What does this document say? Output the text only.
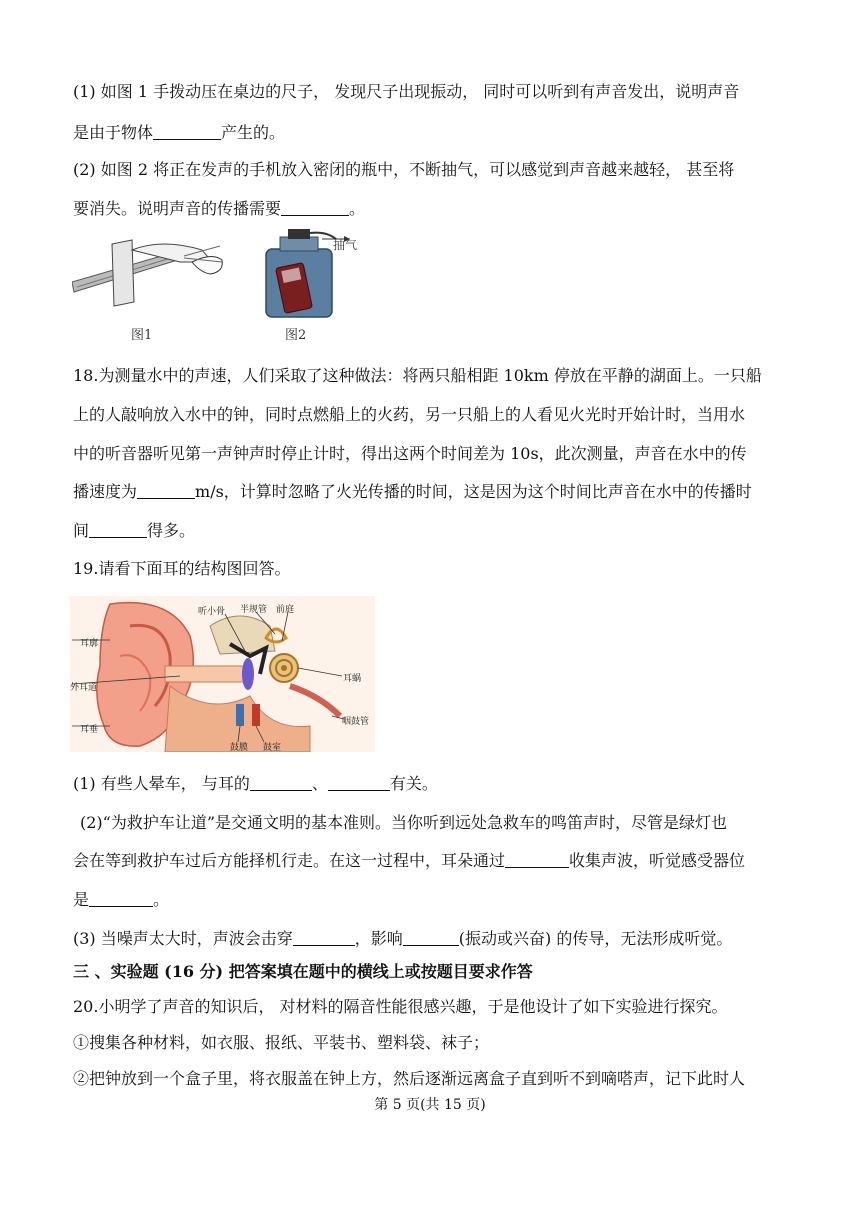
(1) 如图 1 手拨动压在桌边的尺子， 发现尺子出现振动， 同时可以听到有声音发出，说明声音
是由于物体	产生的。
(2) 如图 2 将正在发声的手机放入密闭的瓶中，不断抽气，可以感觉到声音越来越轻， 甚至将
要消失。说明声音的传播需要	。
图1
抽气
图2
18.为测量水中的声速，人们采取了这种做法：将两只船相距 10km 停放在平静的湖面上。一只船
上的人敲响放入水中的钟，同时点燃船上的火药，另一只船上的人看见火光时开始计时，当用水
中的听音器听见第一声钟声时停止计时，得出这两个时间差为 10s，此次测量，声音在水中的传
播速度为	m/s，计算时忽略了火光传播的时间，这是因为这个时间比声音在水中的传播时
间	得多。
19.请看下面耳的结构图回答。
耳廓
外耳道
耳垂
听小骨 半规管 前庭
耳蜗
咽鼓管
鼓膜 鼓室
(1) 有些人晕车， 与耳的	、	有关。
(2)“为救护车让道”是交通文明的基本准则。当你听到远处急救车的鸣笛声时，尽管是绿灯也
会在等到救护车过后方能择机行走。在这一过程中，耳朵通过	收集声波，听觉感受器位
是	。
(3) 当噪声太大时，声波会击穿	，影响	(振动或兴奋) 的传导，无法形成听觉。
三 、实验题 (16 分) 把答案填在题中的横线上或按题目要求作答
20.小明学了声音的知识后， 对材料的隔音性能很感兴趣，于是他设计了如下实验进行探究。
①搜集各种材料，如衣服、报纸、平装书、塑料袋、袜子；
②把钟放到一个盒子里，将衣服盖在钟上方，然后逐渐远离盒子直到听不到嘀嗒声，记下此时人
第 5 页(共 15 页)
